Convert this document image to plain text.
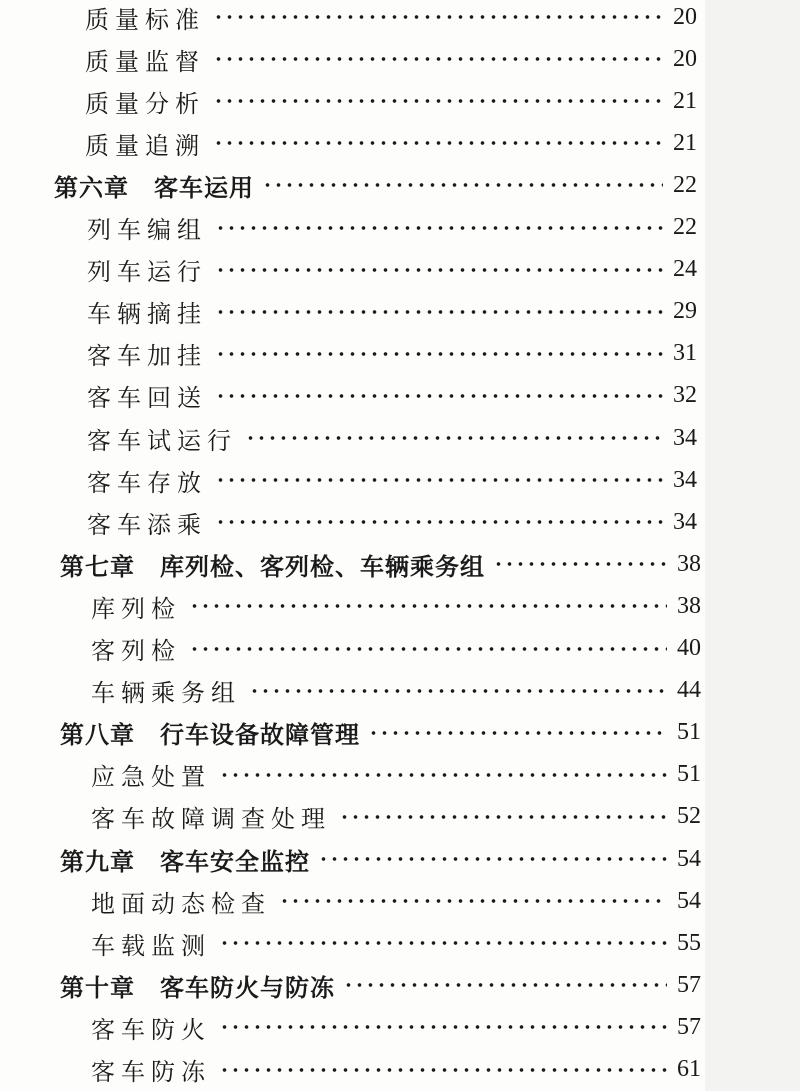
质量标准	20
质量监督	20
质量分析	21
质量追溯	21
第六章　客车运用	22
列车编组	22
列车运行	24
车辆摘挂	29
客车加挂	31
客车回送	32
客车试运行	34
客车存放	34
客车添乘	34
第七章　库列检、客列检、车辆乘务组	38
库列检	38
客列检	40
车辆乘务组	44
第八章　行车设备故障管理	51
应急处置	51
客车故障调查处理	52
第九章　客车安全监控	54
地面动态检查	54
车载监测	55
第十章　客车防火与防冻	57
客车防火	57
客车防冻	61
